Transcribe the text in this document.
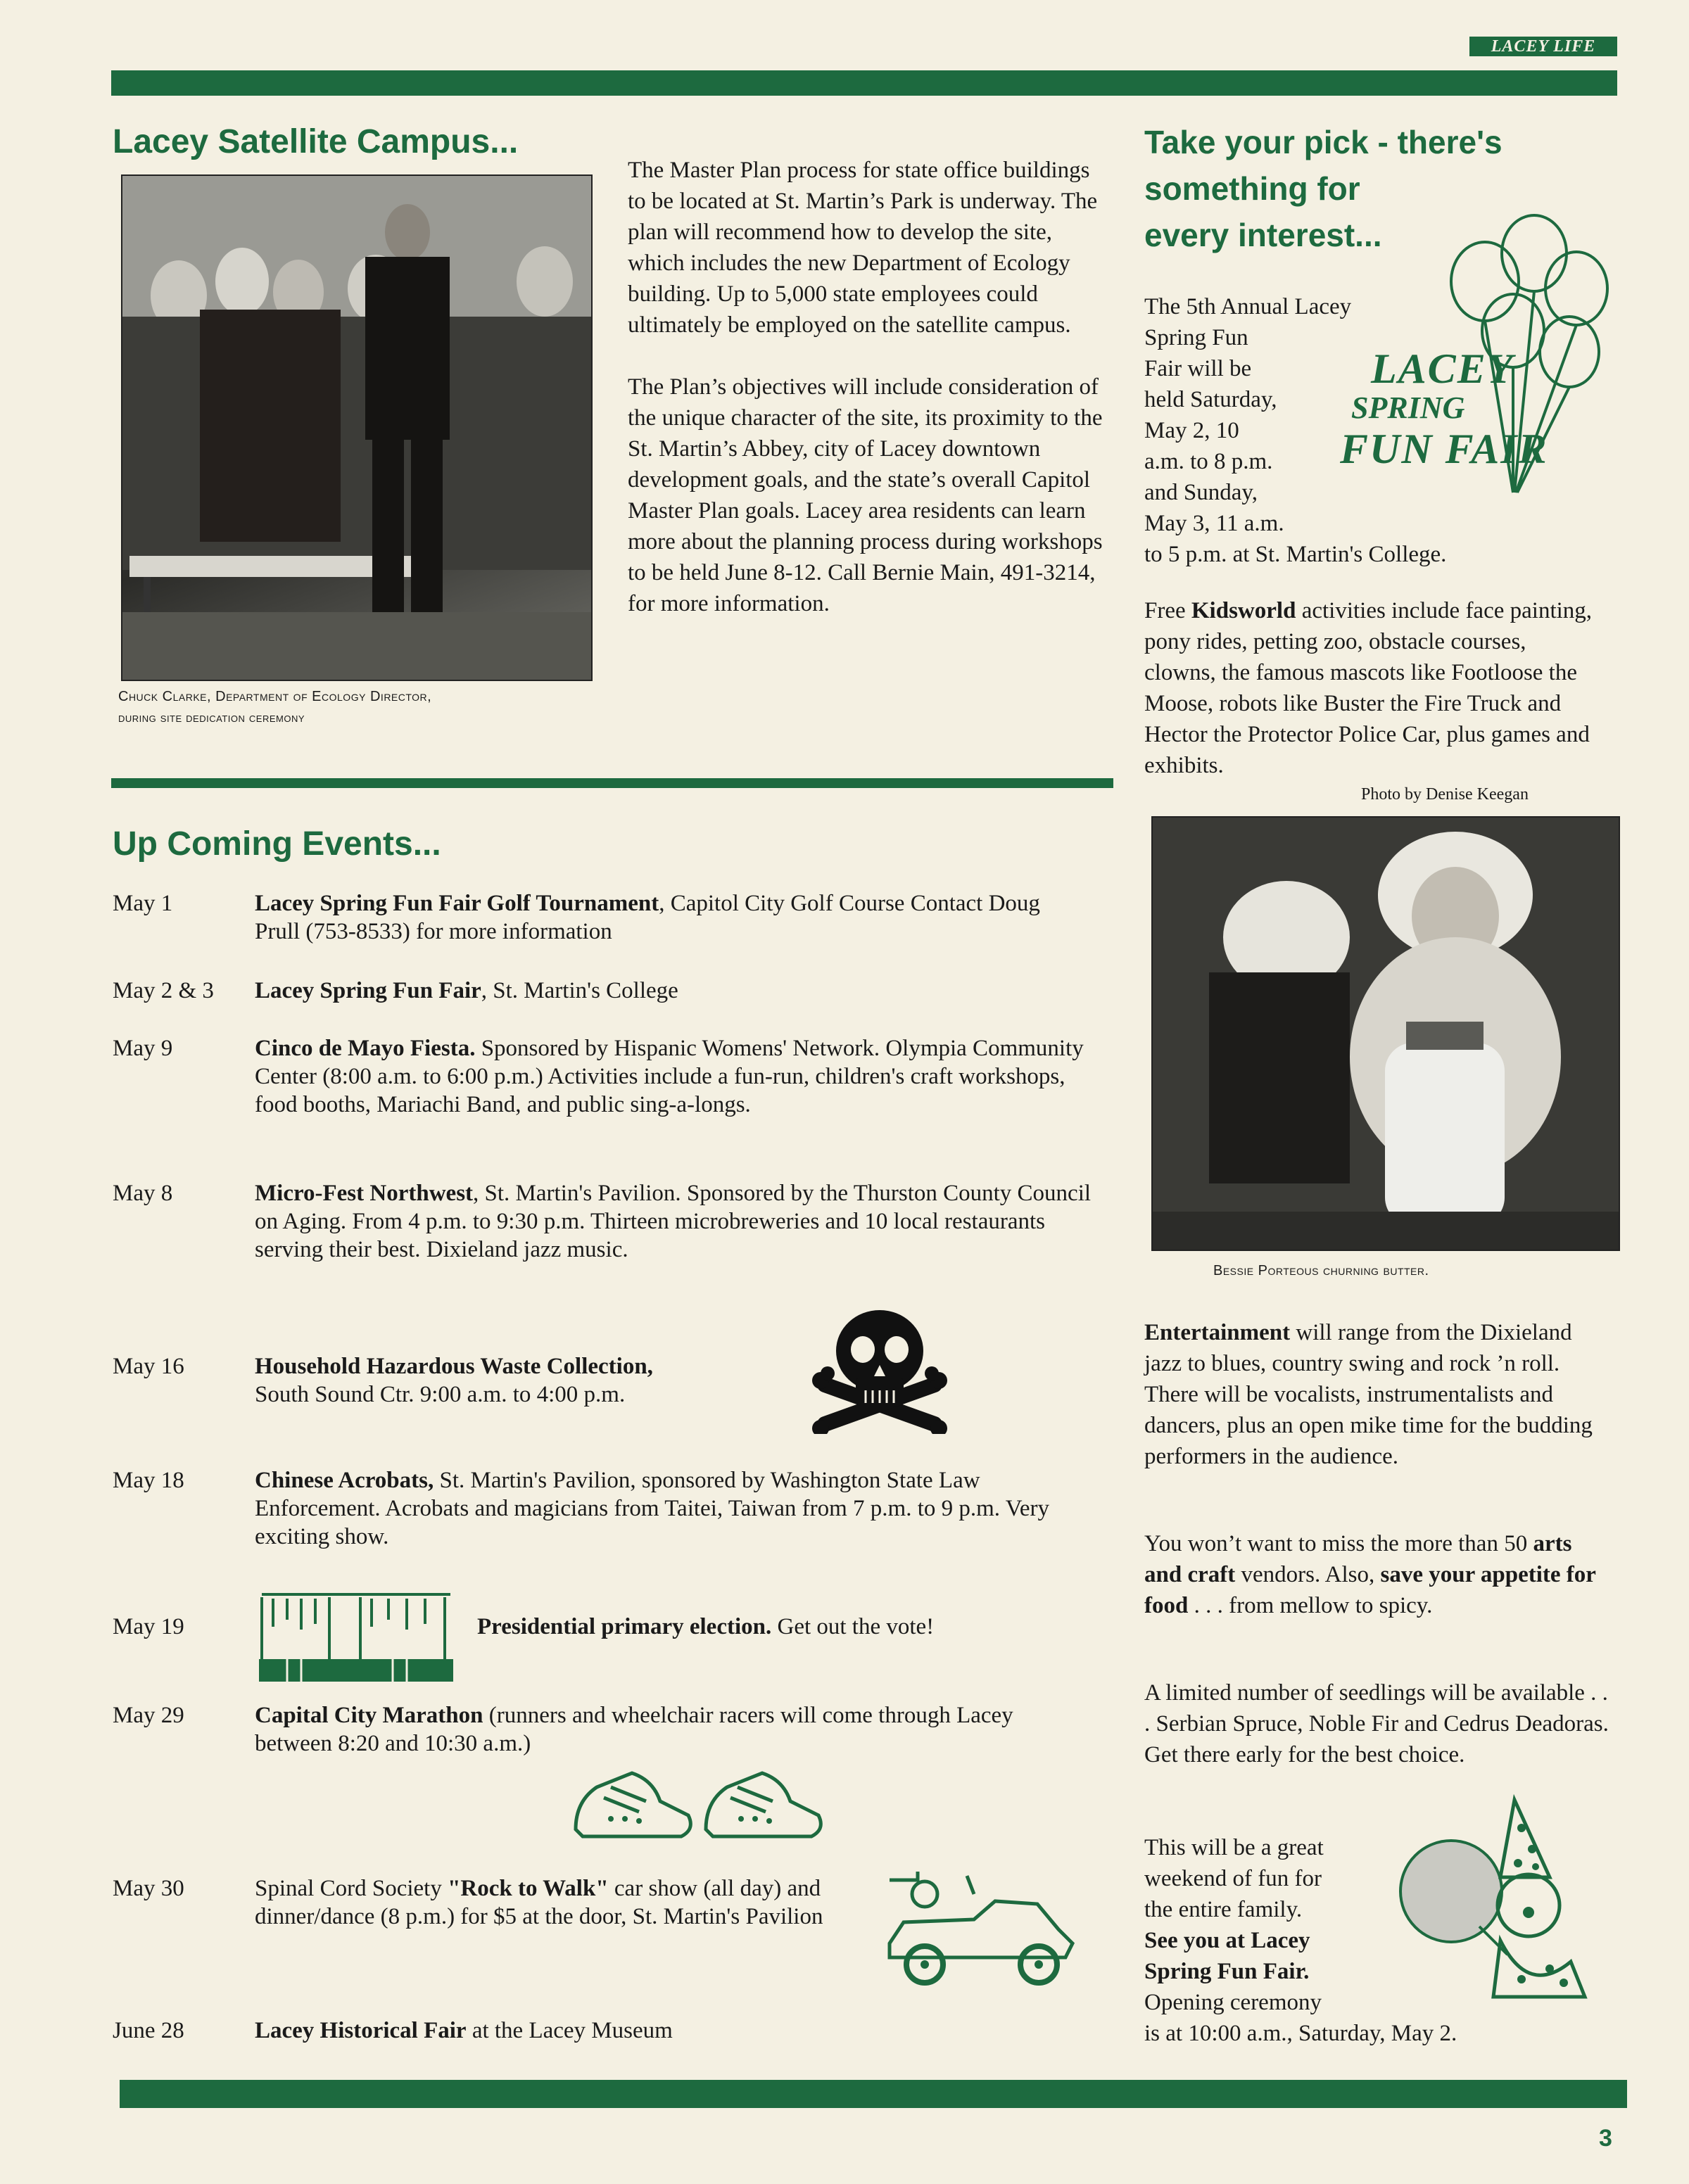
LACEY LIFE
Lacey Satellite Campus...
Chuck Clarke, Department of Ecology Director,
during site dedication ceremony

The Master Plan process for state office buildings to be located at St. Martin’s Park is underway. The plan will recommend how to develop the site, which includes the new Department of Ecology building. Up to 5,000 state employees could ultimately be employed on the satellite campus.

The Plan’s objectives will include consideration of the unique character of the site, its proximity to the St. Martin’s Abbey, city of Lacey downtown development goals, and the state’s overall Capitol Master Plan goals. Lacey area residents can learn more about the planning process during workshops to be held June 8-12. Call Bernie Main, 491-3214, for more information.

Up Coming Events...
May 1	Lacey Spring Fun Fair Golf Tournament, Capitol City Golf Course Contact Doug Prull (753-8533) for more information
May 2 & 3 Lacey Spring Fun Fair, St. Martin's College
May 9	Cinco de Mayo Fiesta. Sponsored by Hispanic Womens' Network. Olympia Community Center (8:00 a.m. to 6:00 p.m.) Activities include a fun-run, children's craft workshops, food booths, Mariachi Band, and public sing-a-longs.
May 8	Micro-Fest Northwest, St. Martin's Pavilion. Sponsored by the Thurston County Council on Aging. From 4 p.m. to 9:30 p.m. Thirteen microbreweries and 10 local restaurants serving their best. Dixieland jazz music.
May 16	Household Hazardous Waste Collection,
South Sound Ctr. 9:00 a.m. to 4:00 p.m.
May 18	Chinese Acrobats, St. Martin's Pavilion, sponsored by Washington State Law Enforcement. Acrobats and magicians from Taitei, Taiwan from 7 p.m. to 9 p.m. Very exciting show.
May 19	Presidential primary election. Get out the vote!
May 29	Capital City Marathon (runners and wheelchair racers will come through Lacey between 8:20 and 10:30 a.m.)
May 30	Spinal Cord Society "Rock to Walk" car show (all day) and dinner/dance (8 p.m.) for $5 at the door, St. Martin's Pavilion
June 28	Lacey Historical Fair at the Lacey Museum
Take your pick - there's
something for
every interest...
LACEY
SPRING
FUN FAIR
The 5th Annual Lacey
Spring Fun
Fair will be
held Saturday,
May 2, 10
a.m. to 8 p.m.
and Sunday,
May 3, 11 a.m.
to 5 p.m. at St. Martin's College.
Free Kidsworld activities include face painting, pony rides, petting zoo, obstacle courses, clowns, the famous mascots like Footloose the Moose, robots like Buster the Fire Truck and Hector the Protector Police Car, plus games and exhibits.
Photo by Denise Keegan
Bessie Porteous churning butter.
Entertainment will range from the Dixieland jazz to blues, country swing and rock ’n roll. There will be vocalists, instrumentalists and dancers, plus an open mike time for the budding performers in the audience.
You won’t want to miss the more than 50 arts and craft vendors. Also, save your appetite for food . . . from mellow to spicy.
A limited number of seedlings will be available . . . Serbian Spruce, Noble Fir and Cedrus Deadoras. Get there early for the best choice.
This will be a great
weekend of fun for
the entire family.
See you at Lacey
Spring Fun Fair.
Opening ceremony
is at 10:00 a.m., Saturday, May 2.
3
